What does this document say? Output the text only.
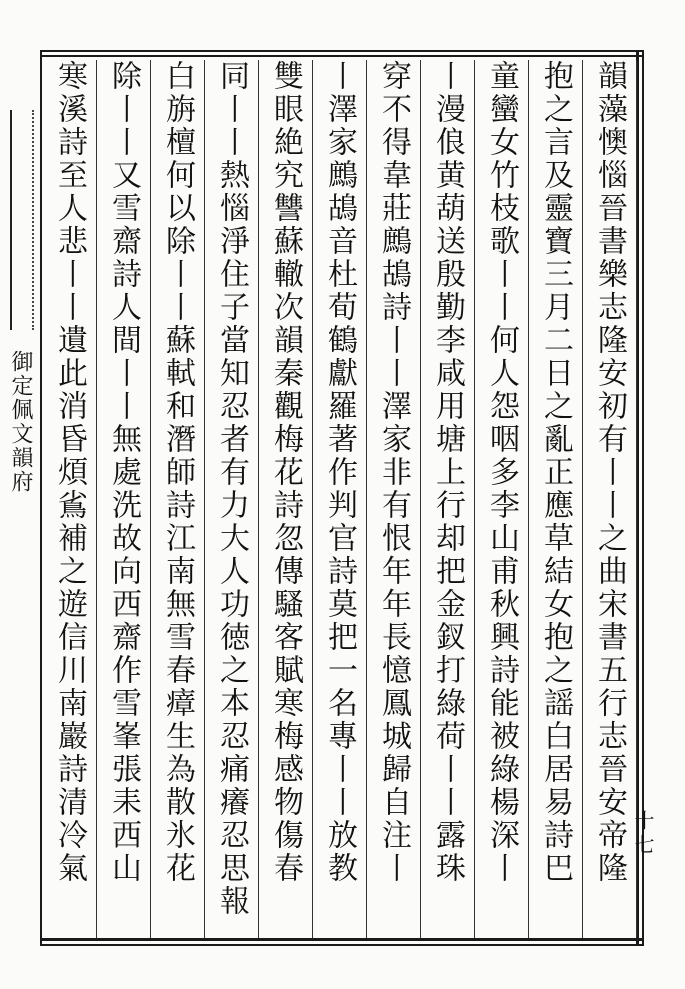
御定佩文韻府	韻藻懊惱晉書樂志隆安初有丨丨之曲宋書五行志晉安帝隆
抱之言及靈寶三月二日之亂正應草結女抱之謡白居易詩巴
童蠻女竹枝歌丨丨何人怨咽多李山甫秋興詩能被綠楊深丨
丨漫俍黄葫送殷勤李咸用塘上行却把金釵打綠荷丨丨露珠
穿不得韋莊鷓鴣詩丨丨澤家非有恨年年長憶鳳城歸自注丨
丨澤家鷓鴣音杜荀鶴獻羅著作判官詩莫把一名專丨丨放教
雙眼絶究讐蘇轍次韻秦觀梅花詩忽傳騷客賦寒梅感物傷春
同丨丨熱惱淨住子當知忍者有力大人功徳之本忍痛癢忍思報
白旃檀何以除丨丨蘇軾和潛師詩江南無雪春瘴生為散氷花
除丨丨又雪齋詩人間丨丨無處洗故向西齋作雪峯張耒西山
寒溪詩至人悲丨丨遺此消昏煩䲵補之遊信川南巖詩清冷氣	十七
